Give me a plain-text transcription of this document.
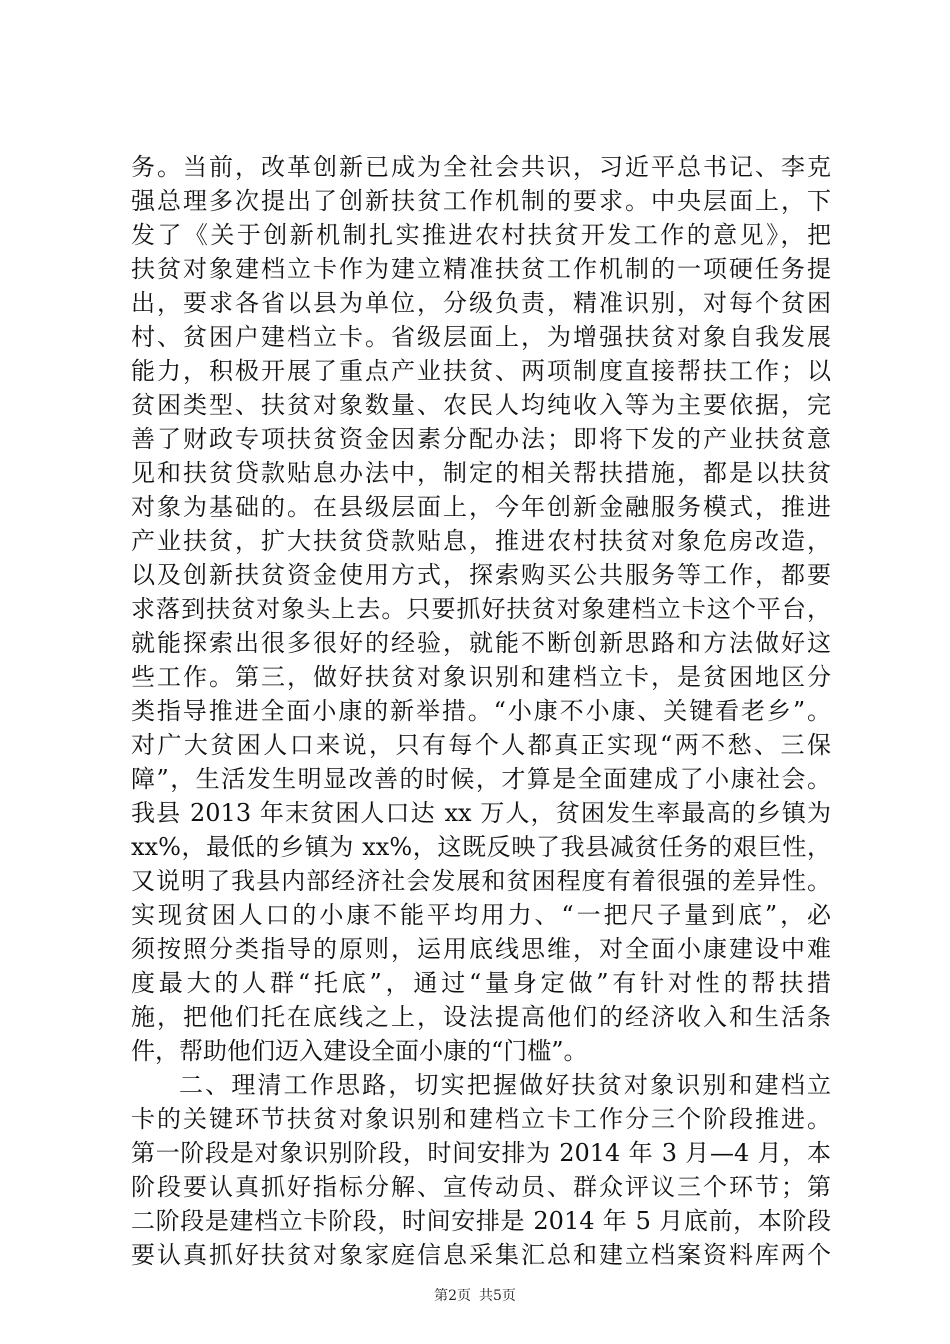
务。当前，改革创新已成为全社会共识，习近平总书记、李克
强总理多次提出了创新扶贫工作机制的要求。中央层面上，下
发了《关于创新机制扎实推进农村扶贫开发工作的意见》，把
扶贫对象建档立卡作为建立精准扶贫工作机制的一项硬任务提
出，要求各省以县为单位，分级负责，精准识别，对每个贫困
村、贫困户建档立卡。省级层面上，为增强扶贫对象自我发展
能力，积极开展了重点产业扶贫、两项制度直接帮扶工作；以
贫困类型、扶贫对象数量、农民人均纯收入等为主要依据，完
善了财政专项扶贫资金因素分配办法；即将下发的产业扶贫意
见和扶贫贷款贴息办法中，制定的相关帮扶措施，都是以扶贫
对象为基础的。在县级层面上，今年创新金融服务模式，推进
产业扶贫，扩大扶贫贷款贴息，推进农村扶贫对象危房改造，
以及创新扶贫资金使用方式，探索购买公共服务等工作，都要
求落到扶贫对象头上去。只要抓好扶贫对象建档立卡这个平台，
就能探索出很多很好的经验，就能不断创新思路和方法做好这
些工作。第三，做好扶贫对象识别和建档立卡，是贫困地区分
类指导推进全面小康的新举措。“小康不小康、关键看老乡”。
对广大贫困人口来说，只有每个人都真正实现“两不愁、三保
障”，生活发生明显改善的时候，才算是全面建成了小康社会。
我县 2013 年末贫困人口达 xx 万人，贫困发生率最高的乡镇为
xx%，最低的乡镇为 xx%，这既反映了我县减贫任务的艰巨性，
又说明了我县内部经济社会发展和贫困程度有着很强的差异性。
实现贫困人口的小康不能平均用力、“一把尺子量到底”，必
须按照分类指导的原则，运用底线思维，对全面小康建设中难
度最大的人群“托底”，通过“量身定做”有针对性的帮扶措
施，把他们托在底线之上，设法提高他们的经济收入和生活条
件，帮助他们迈入建设全面小康的“门槛”。
二、理清工作思路，切实把握做好扶贫对象识别和建档立
卡的关键环节扶贫对象识别和建档立卡工作分三个阶段推进。
第一阶段是对象识别阶段，时间安排为 2014 年 3 月—4 月，本
阶段要认真抓好指标分解、宣传动员、群众评议三个环节；第
二阶段是建档立卡阶段，时间安排是 2014 年 5 月底前，本阶段
要认真抓好扶贫对象家庭信息采集汇总和建立档案资料库两个
第2页 共5页
